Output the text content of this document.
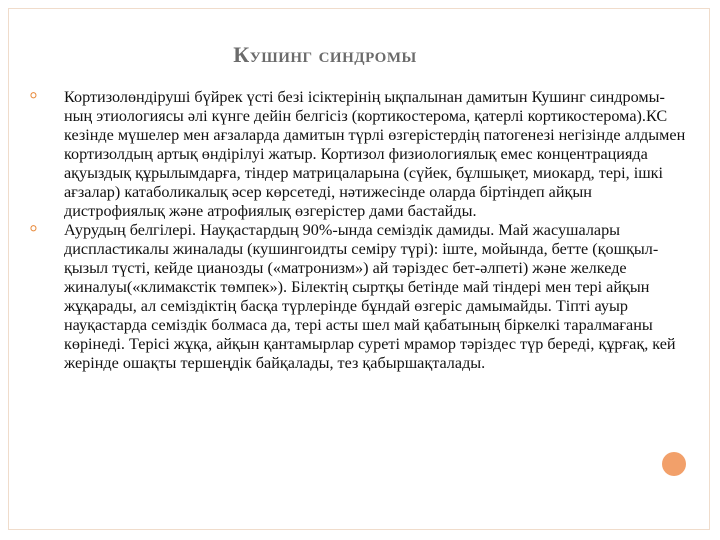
Кушинг синдромы
⚪ Кортизолөндіруші бүйрек үсті безі ісіктерінің ықпалынан дамитын Кушинг синдромы-ның этиологиясы әлі күнге дейін белгісіз (кортикостерома, қатерлі кортикостерома).КС кезінде мүшелер мен ағзаларда дамитын түрлі өзгерістердің патогенезі негізінде алдымен кортизолдың артық өндірілуі жатыр. Кортизол физиологиялық емес концентрацияда ақуыздық құрылымдарға, тіндер матрицаларына (сүйек, бұлшықет, миокард, тері, ішкі ағзалар) катаболикалық әсер көрсетеді, нәтижесінде оларда біртіндеп айқын дистрофиялық және атрофиялық өзгерістер дами бастайды.
⚪ Аурудың белгілері. Науқастардың 90%-ында семіздік дамиды. Май жасушалары диспластикалы жиналады (кушингоидты семіру түрі): іште, мойында, бетте (қошқыл-қызыл түсті, кейде цианозды («матронизм») ай тәріздес бет-әлпеті) және желкеде жиналуы(«климакстік төмпек»). Білектің сыртқы бетінде май тіндері мен тері айқын жұқарады, ал семіздіктің басқа түрлерінде бұндай өзгеріс дамымайды. Тіпті ауыр науқастарда семіздік болмаса да, тері асты шел май қабатының біркелкі таралмағаны көрінеді. Терісі жұқа, айқын қантамырлар суреті мрамор тәріздес түр береді, құрғақ, кей жерінде ошақты тершеңдік байқалады, тез қабыршақталады.
